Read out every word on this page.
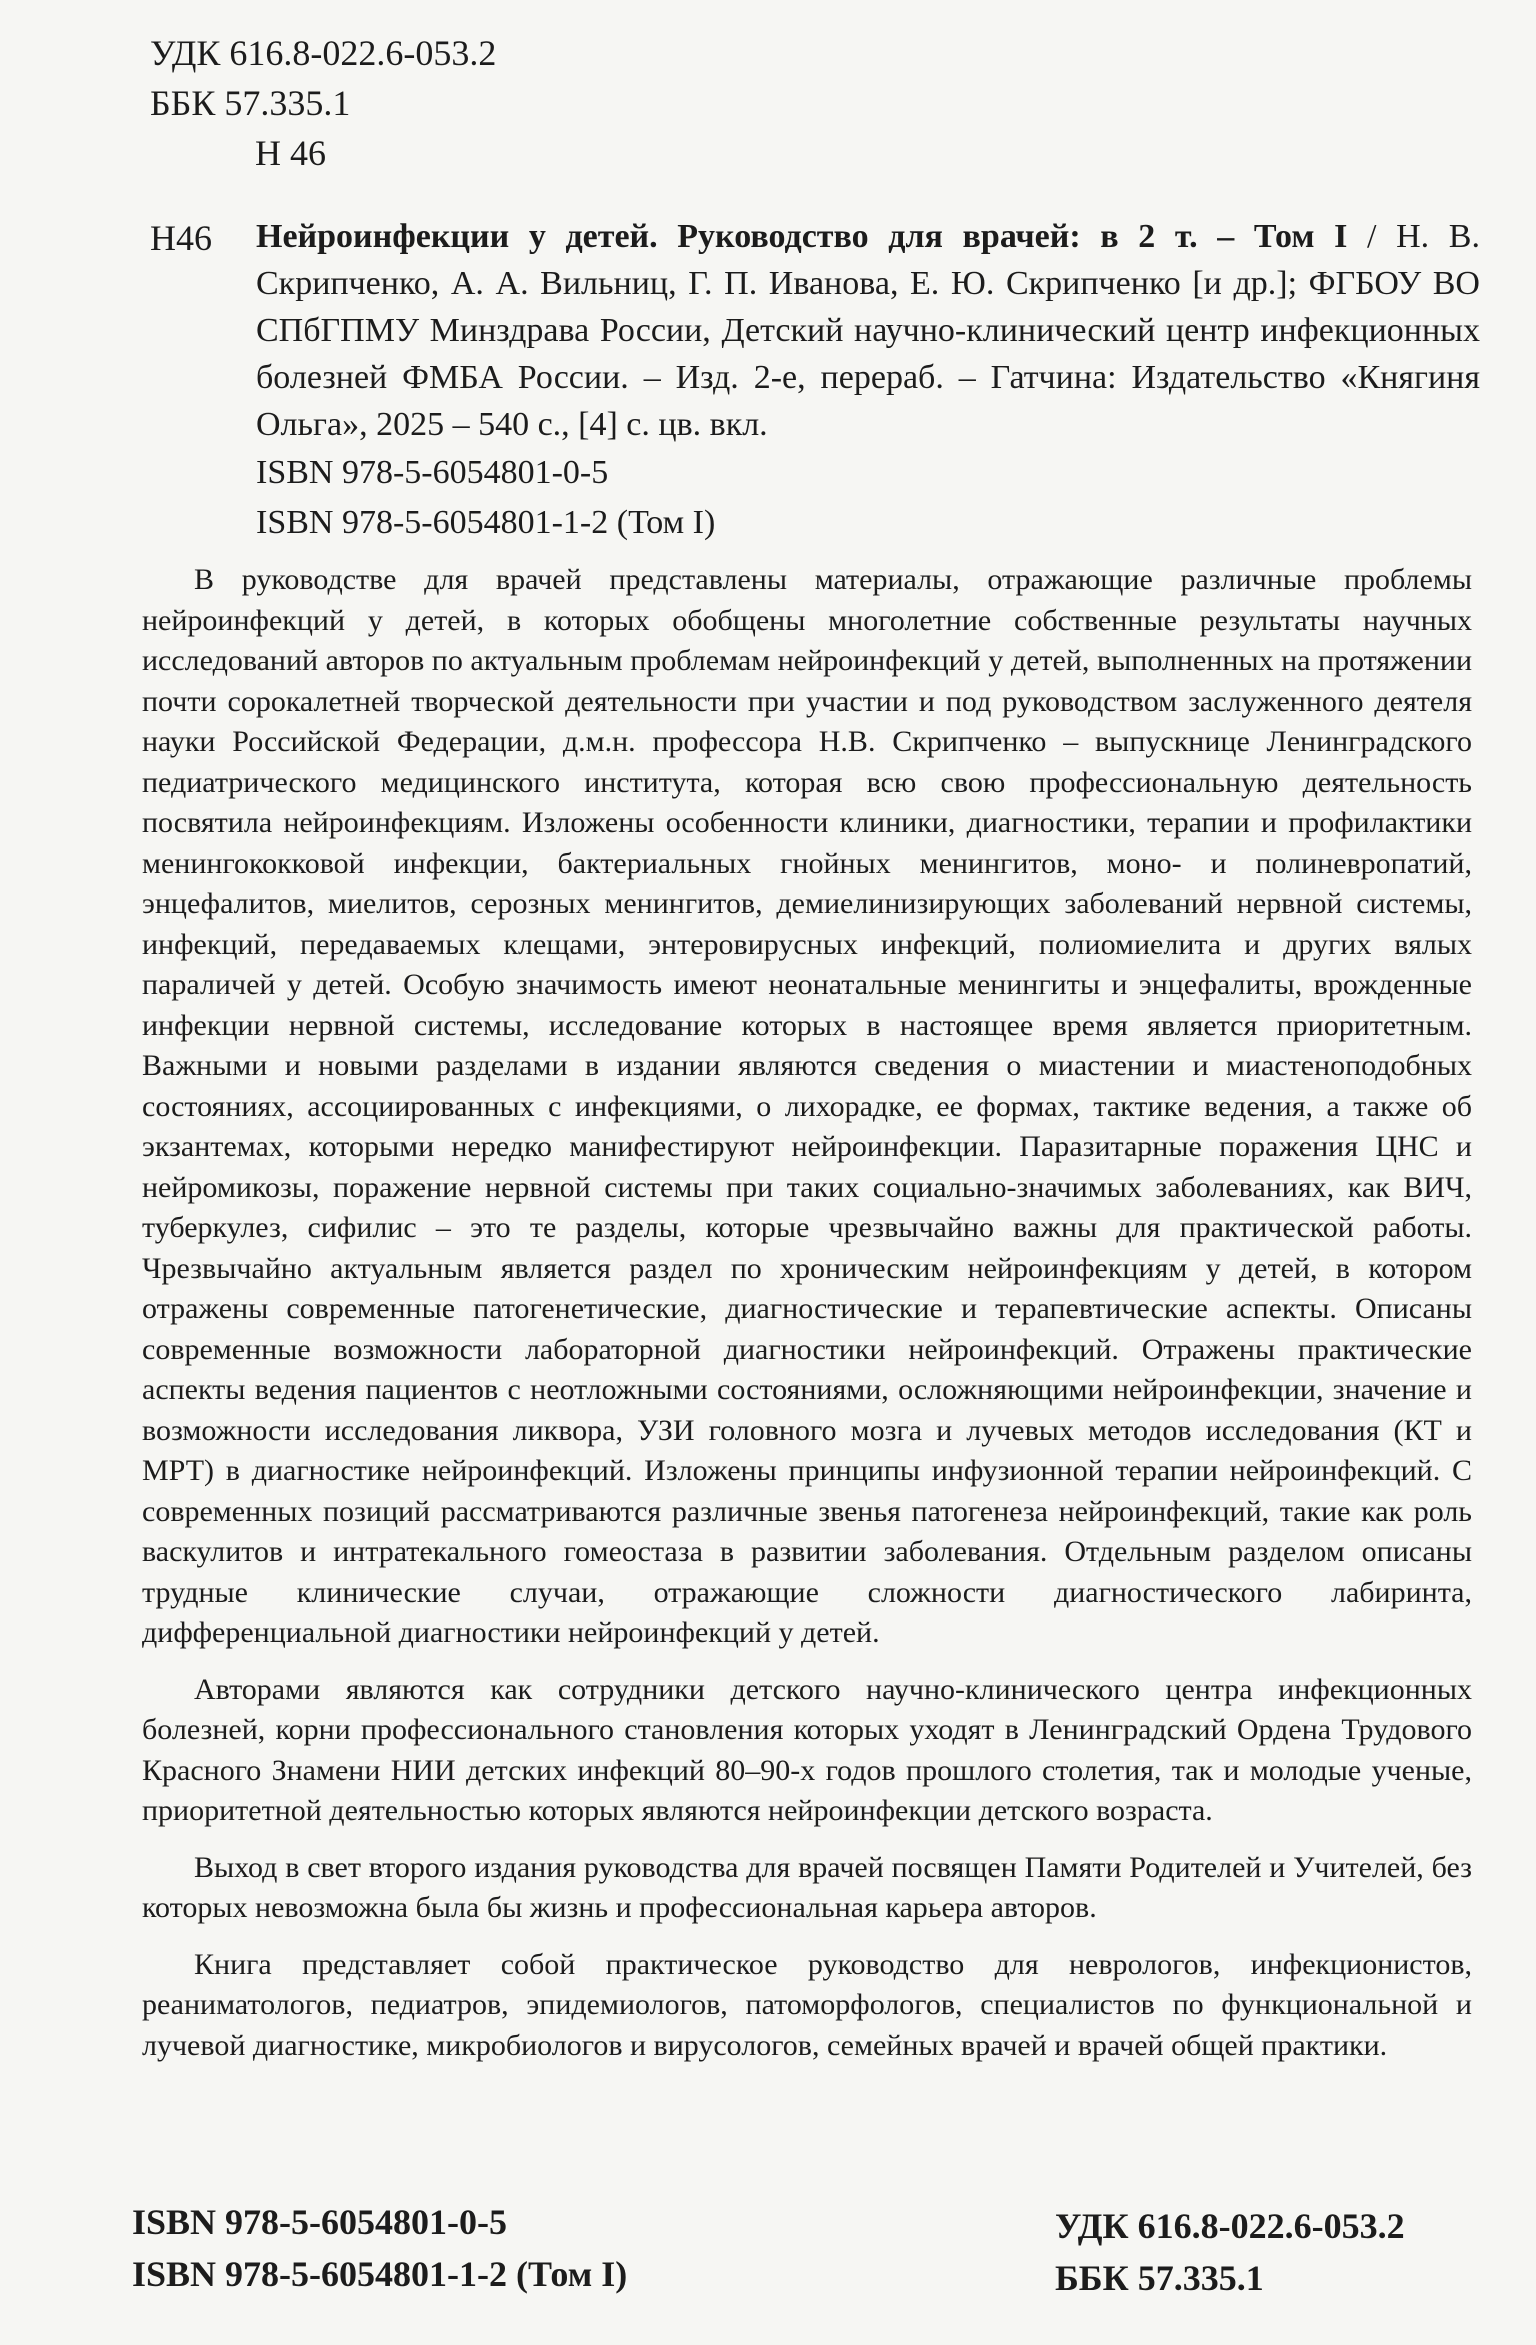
УДК 616.8-022.6-053.2
ББК 57.335.1
Н 46
Н46 Нейроинфекции у детей. Руководство для врачей: в 2 т. – Том I / Н. В. Скрипченко, А. А. Вильниц, Г. П. Иванова, Е. Ю. Скрипченко [и др.]; ФГБОУ ВО СПбГПМУ Минздрава России, Детский научно-клинический центр инфекционных болезней ФМБА России. – Изд. 2-е, перераб. – Гатчина: Издательство «Княгиня Ольга», 2025 – 540 с., [4] с. цв. вкл.
ISBN 978-5-6054801-0-5
ISBN 978-5-6054801-1-2 (Том I)

В руководстве для врачей представлены материалы, отражающие различные проблемы нейроинфекций у детей, в которых обобщены многолетние собственные результаты научных исследований авторов по актуальным проблемам нейроинфекций у детей, выполненных на протяжении почти сорокалетней творческой деятельности при участии и под руководством заслуженного деятеля науки Российской Федерации, д.м.н. профессора Н.В. Скрипченко – выпускнице Ленинградского педиатрического медицинского института, которая всю свою профессиональную деятельность посвятила нейроинфекциям. Изложены особенности клиники, диагностики, терапии и профилактики менингококковой инфекции, бактериальных гнойных менингитов, моно- и полиневропатий, энцефалитов, миелитов, серозных менингитов, демиелинизирующих заболеваний нервной системы, инфекций, передаваемых клещами, энтеровирусных инфекций, полиомиелита и других вялых параличей у детей. Особую значимость имеют неонатальные менингиты и энцефалиты, врожденные инфекции нервной системы, исследование которых в настоящее время является приоритетным. Важными и новыми разделами в издании являются сведения о миастении и миастеноподобных состояниях, ассоциированных с инфекциями, о лихорадке, ее формах, тактике ведения, а также об экзантемах, которыми нередко манифестируют нейроинфекции. Паразитарные поражения ЦНС и нейромикозы, поражение нервной системы при таких социально-значимых заболеваниях, как ВИЧ, туберкулез, сифилис – это те разделы, которые чрезвычайно важны для практической работы. Чрезвычайно актуальным является раздел по хроническим нейроинфекциям у детей, в котором отражены современные патогенетические, диагностические и терапевтические аспекты. Описаны современные возможности лабораторной диагностики нейроинфекций. Отражены практические аспекты ведения пациентов с неотложными состояниями, осложняющими нейроинфекции, значение и возможности исследования ликвора, УЗИ головного мозга и лучевых методов исследования (КТ и МРТ) в диагностике нейроинфекций. Изложены принципы инфузионной терапии нейроинфекций. С современных позиций рассматриваются различные звенья патогенеза нейроинфекций, такие как роль васкулитов и интратекального гомеостаза в развитии заболевания. Отдельным разделом описаны трудные клинические случаи, отражающие сложности диагностического лабиринта, дифференциальной диагностики нейроинфекций у детей.

Авторами являются как сотрудники детского научно-клинического центра инфекционных болезней, корни профессионального становления которых уходят в Ленинградский Ордена Трудового Красного Знамени НИИ детских инфекций 80–90-х годов прошлого столетия, так и молодые ученые, приоритетной деятельностью которых являются нейроинфекции детского возраста.

Выход в свет второго издания руководства для врачей посвящен Памяти Родителей и Учителей, без которых невозможна была бы жизнь и профессиональная карьера авторов.

Книга представляет собой практическое руководство для неврологов, инфекционистов, реаниматологов, педиатров, эпидемиологов, патоморфологов, специалистов по функциональной и лучевой диагностике, микробиологов и вирусологов, семейных врачей и врачей общей практики.

ISBN 978-5-6054801-0-5
ISBN 978-5-6054801-1-2 (Том I)
УДК 616.8-022.6-053.2
ББК 57.335.1
